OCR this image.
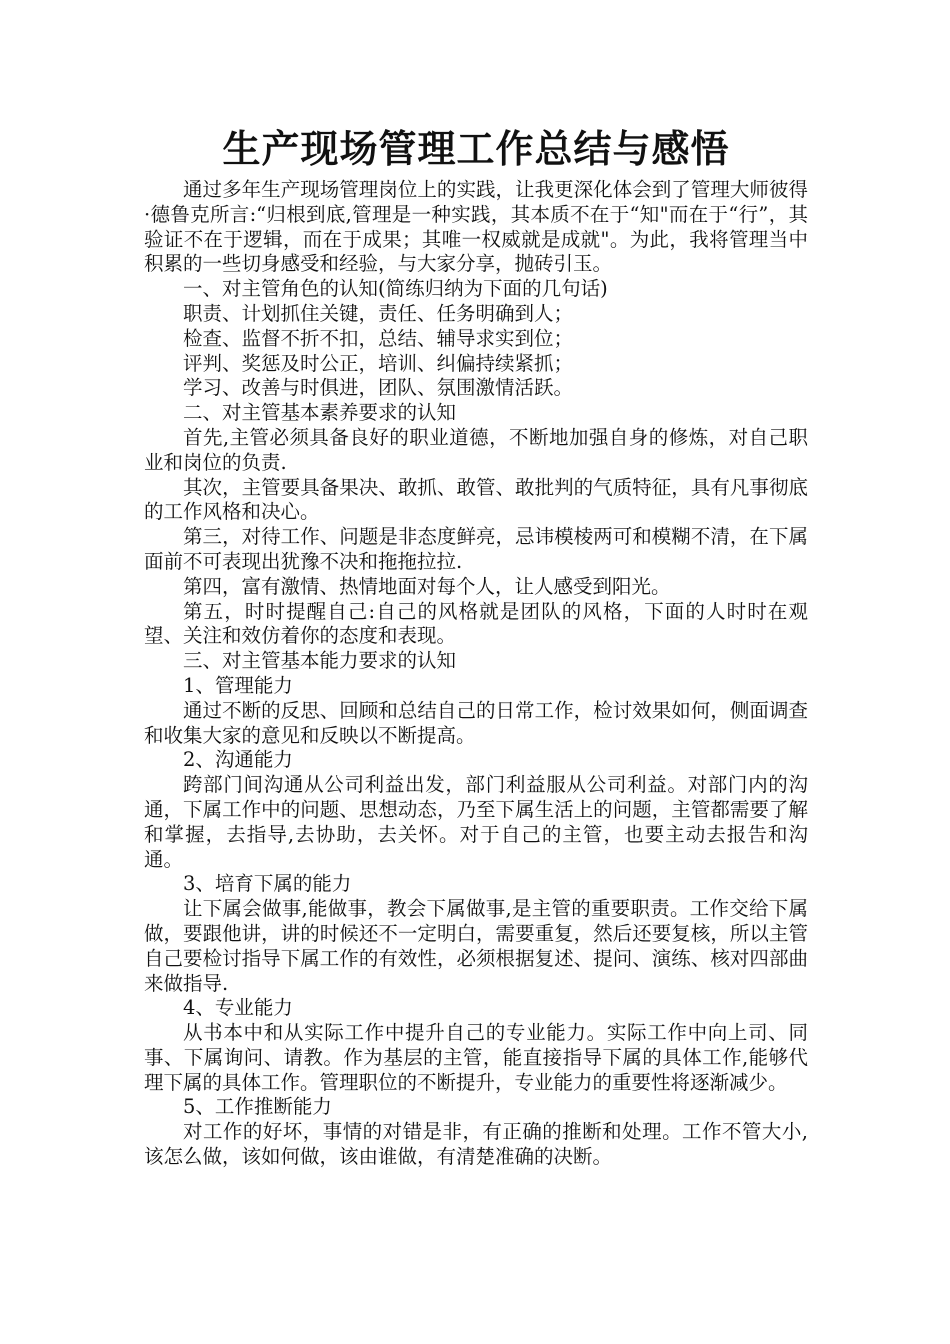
生产现场管理工作总结与感悟

通过多年生产现场管理岗位上的实践，让我更深化体会到了管理大师彼得·德鲁克所言:“归根到底,管理是一种实践，其本质不在于“知"而在于“行”，其验证不在于逻辑，而在于成果；其唯一权威就是成就"。为此，我将管理当中积累的一些切身感受和经验，与大家分享，抛砖引玉。

一、对主管角色的认知(简练归纳为下面的几句话)

职责、计划抓住关键，责任、任务明确到人；

检查、监督不折不扣，总结、辅导求实到位；

评判、奖惩及时公正，培训、纠偏持续紧抓；

学习、改善与时俱进，团队、氛围激情活跃。

二、对主管基本素养要求的认知

首先,主管必须具备良好的职业道德，不断地加强自身的修炼，对自己职业和岗位的负责.

其次，主管要具备果决、敢抓、敢管、敢批判的气质特征，具有凡事彻底的工作风格和决心。

第三，对待工作、问题是非态度鲜亮，忌讳模棱两可和模糊不清，在下属面前不可表现出犹豫不决和拖拖拉拉.

第四，富有激情、热情地面对每个人，让人感受到阳光。

第五，时时提醒自己:自己的风格就是团队的风格，下面的人时时在观望、关注和效仿着你的态度和表现。

三、对主管基本能力要求的认知

1、管理能力

通过不断的反思、回顾和总结自己的日常工作，检讨效果如何，侧面调查和收集大家的意见和反映以不断提高。

2、沟通能力

跨部门间沟通从公司利益出发，部门利益服从公司利益。对部门内的沟通，下属工作中的问题、思想动态，乃至下属生活上的问题，主管都需要了解和掌握，去指导,去协助，去关怀。对于自己的主管，也要主动去报告和沟通。

3、培育下属的能力

让下属会做事,能做事，教会下属做事,是主管的重要职责。工作交给下属做，要跟他讲，讲的时候还不一定明白，需要重复，然后还要复核，所以主管自己要检讨指导下属工作的有效性，必须根据复述、提问、演练、核对四部曲来做指导.

4、专业能力

从书本中和从实际工作中提升自己的专业能力。实际工作中向上司、同事、下属询问、请教。作为基层的主管，能直接指导下属的具体工作,能够代理下属的具体工作。管理职位的不断提升，专业能力的重要性将逐渐减少。

5、工作推断能力

对工作的好坏，事情的对错是非，有正确的推断和处理。工作不管大小,该怎么做，该如何做，该由谁做，有清楚准确的决断。
